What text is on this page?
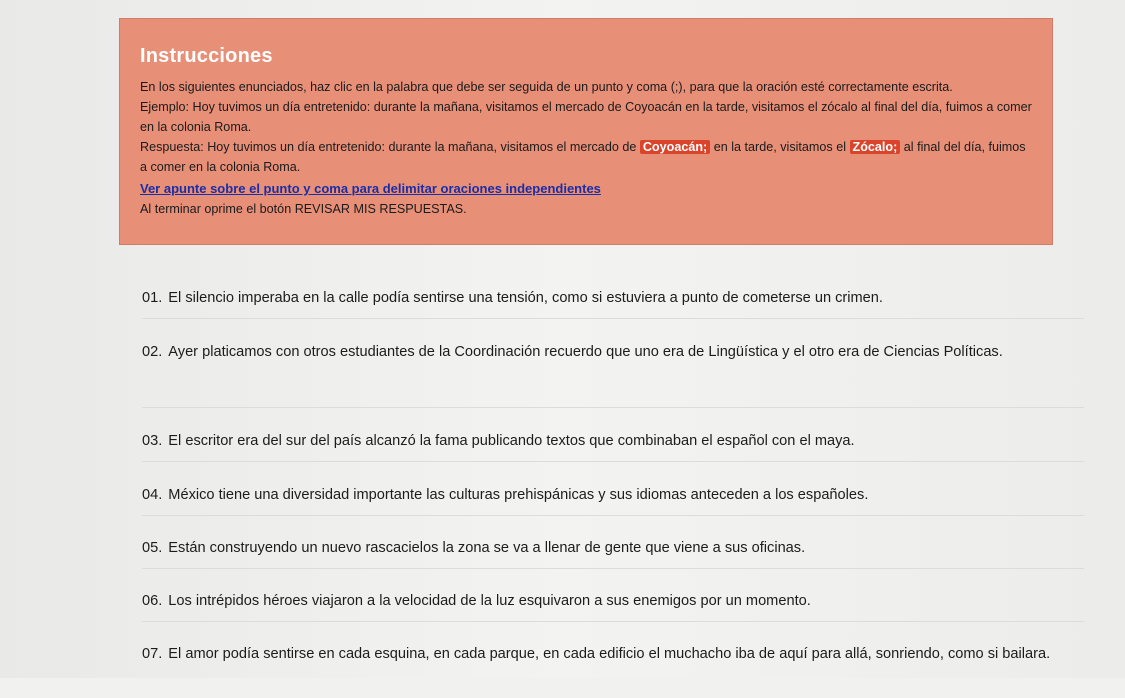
Instrucciones

En los siguientes enunciados, haz clic en la palabra que debe ser seguida de un punto y coma (;), para que la oración esté correctamente escrita.

Ejemplo: Hoy tuvimos un día entretenido: durante la mañana, visitamos el mercado de Coyoacán en la tarde, visitamos el zócalo al final del día, fuimos a comer en la colonia Roma.

Respuesta: Hoy tuvimos un día entretenido: durante la mañana, visitamos el mercado de Coyoacán; en la tarde, visitamos el Zócalo; al final del día, fuimos a comer en la colonia Roma.

Ver apunte sobre el punto y coma para delimitar oraciones independientes

Al terminar oprime el botón REVISAR MIS RESPUESTAS.

01. El silencio imperaba en la calle podía sentirse una tensión, como si estuviera a punto de cometerse un crimen.
02. Ayer platicamos con otros estudiantes de la Coordinación recuerdo que uno era de Lingüística y el otro era de Ciencias Políticas.
03. El escritor era del sur del país alcanzó la fama publicando textos que combinaban el español con el maya.
04. México tiene una diversidad importante las culturas prehispánicas y sus idiomas anteceden a los españoles.
05. Están construyendo un nuevo rascacielos la zona se va a llenar de gente que viene a sus oficinas.
06. Los intrépidos héroes viajaron a la velocidad de la luz esquivaron a sus enemigos por un momento.
07. El amor podía sentirse en cada esquina, en cada parque, en cada edificio el muchacho iba de aquí para allá, sonriendo, como si bailara.
